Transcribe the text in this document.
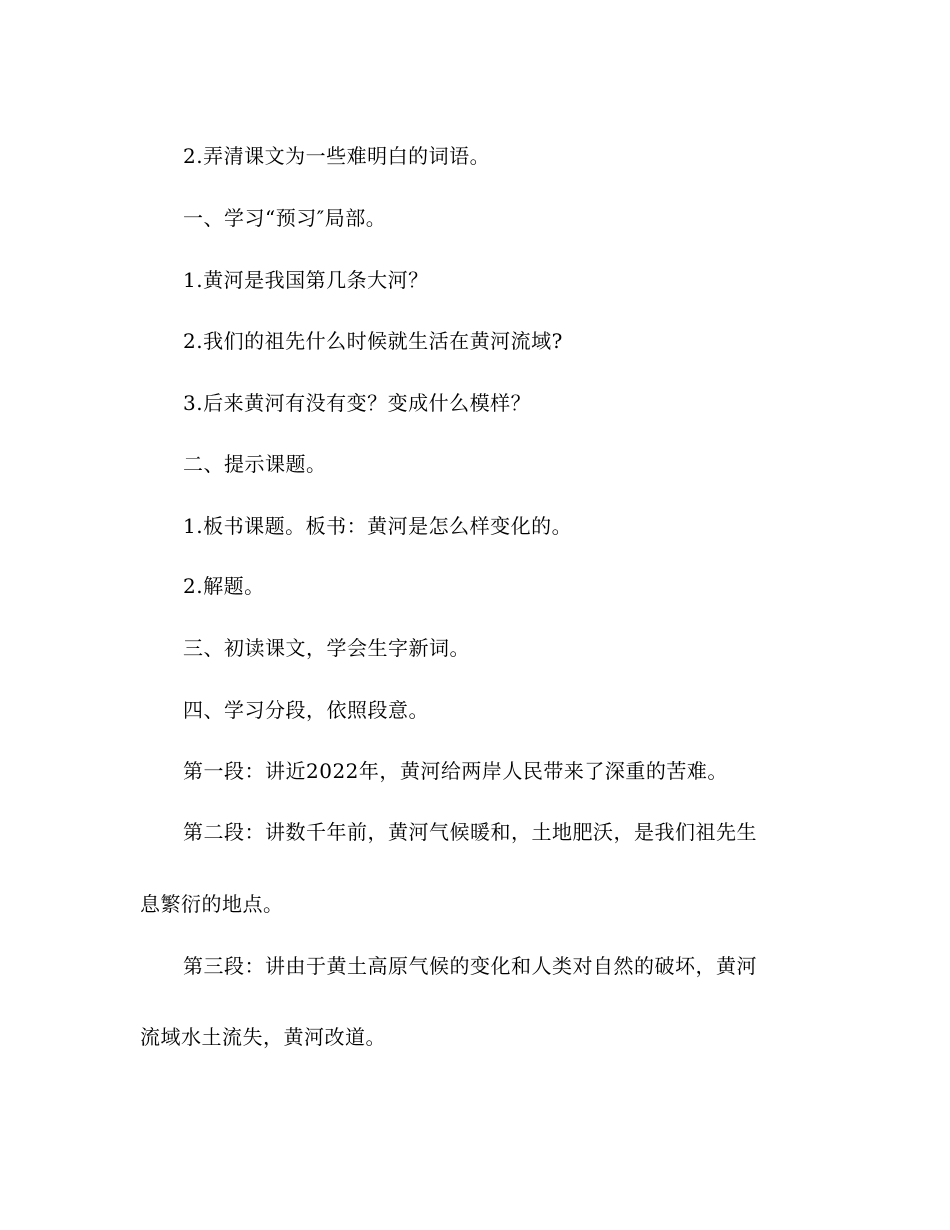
2.弄清课文为一些难明白的词语。
一、学习“预习″局部。
1.黄河是我国第几条大河？
2.我们的祖先什么时候就生活在黄河流域?
3.后来黄河有没有变？变成什么模样？
二、提示课题。
1.板书课题。板书：黄河是怎么样变化的。
2.解题。
三、初读课文，学会生字新词。
四、学习分段，依照段意。
第一段：讲近2022年，黄河给两岸人民带来了深重的苦难。
第二段：讲数千年前，黄河气候暖和，土地肥沃，是我们祖先生
息繁衍的地点。
第三段：讲由于黄土高原气候的变化和人类对自然的破坏，黄河
流域水土流失，黄河改道。
